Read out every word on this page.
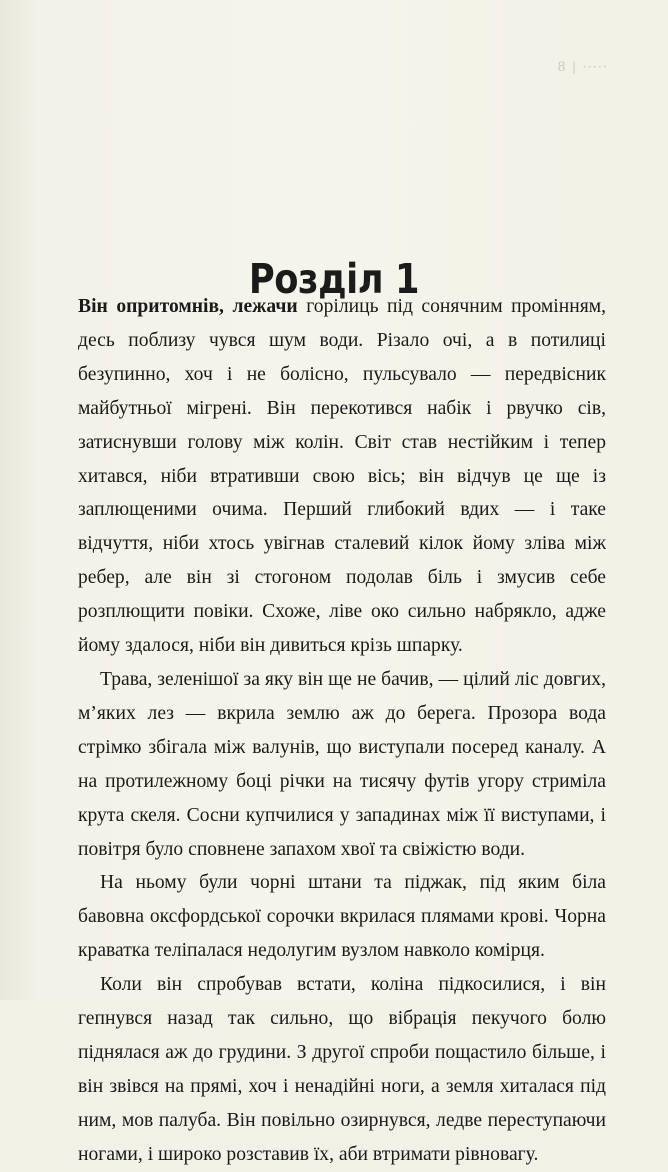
8 | ·····
Розділ 1

Він опритомнів, лежачи горілиць під сонячним промінням, десь поблизу чувся шум води. Різало очі, а в потилиці безупинно, хоч і не болісно, пульсувало — передвісник майбутньої мігрені. Він перекотився набік і рвучко сів, затиснувши голову між колін. Світ став нестійким і тепер хитався, ніби втративши свою вісь; він відчув це ще із заплющеними очима. Перший глибокий вдих — і таке відчуття, ніби хтось увігнав сталевий кілок йому зліва між ребер, але він зі стогоном подолав біль і змусив себе розплющити повіки. Схоже, ліве око сильно набрякло, адже йому здалося, ніби він дивиться крізь шпарку.

Трава, зеленішої за яку він ще не бачив, — цілий ліс довгих, м’яких лез — вкрила землю аж до берега. Прозора вода стрімко збігала між валунів, що виступали посеред каналу. А на протилежному боці річки на тисячу футів угору стриміла крута скеля. Сосни купчилися у западинах між її виступами, і повітря було сповнене запахом хвої та свіжістю води.

На ньому були чорні штани та піджак, під яким біла бавовна оксфордської сорочки вкрилася плямами крові. Чорна краватка теліпалася недолугим вузлом навколо комірця.

Коли він спробував встати, коліна підкосилися, і він гепнувся назад так сильно, що вібрація пекучого болю піднялася аж до грудини. З другої спроби пощастило більше, і він звівся на прямі, хоч і ненадійні ноги, а земля хиталася під ним, мов палуба. Він повільно озирнувся, ледве переступаючи ногами, і широко розставив їх, аби втримати рівновагу.
